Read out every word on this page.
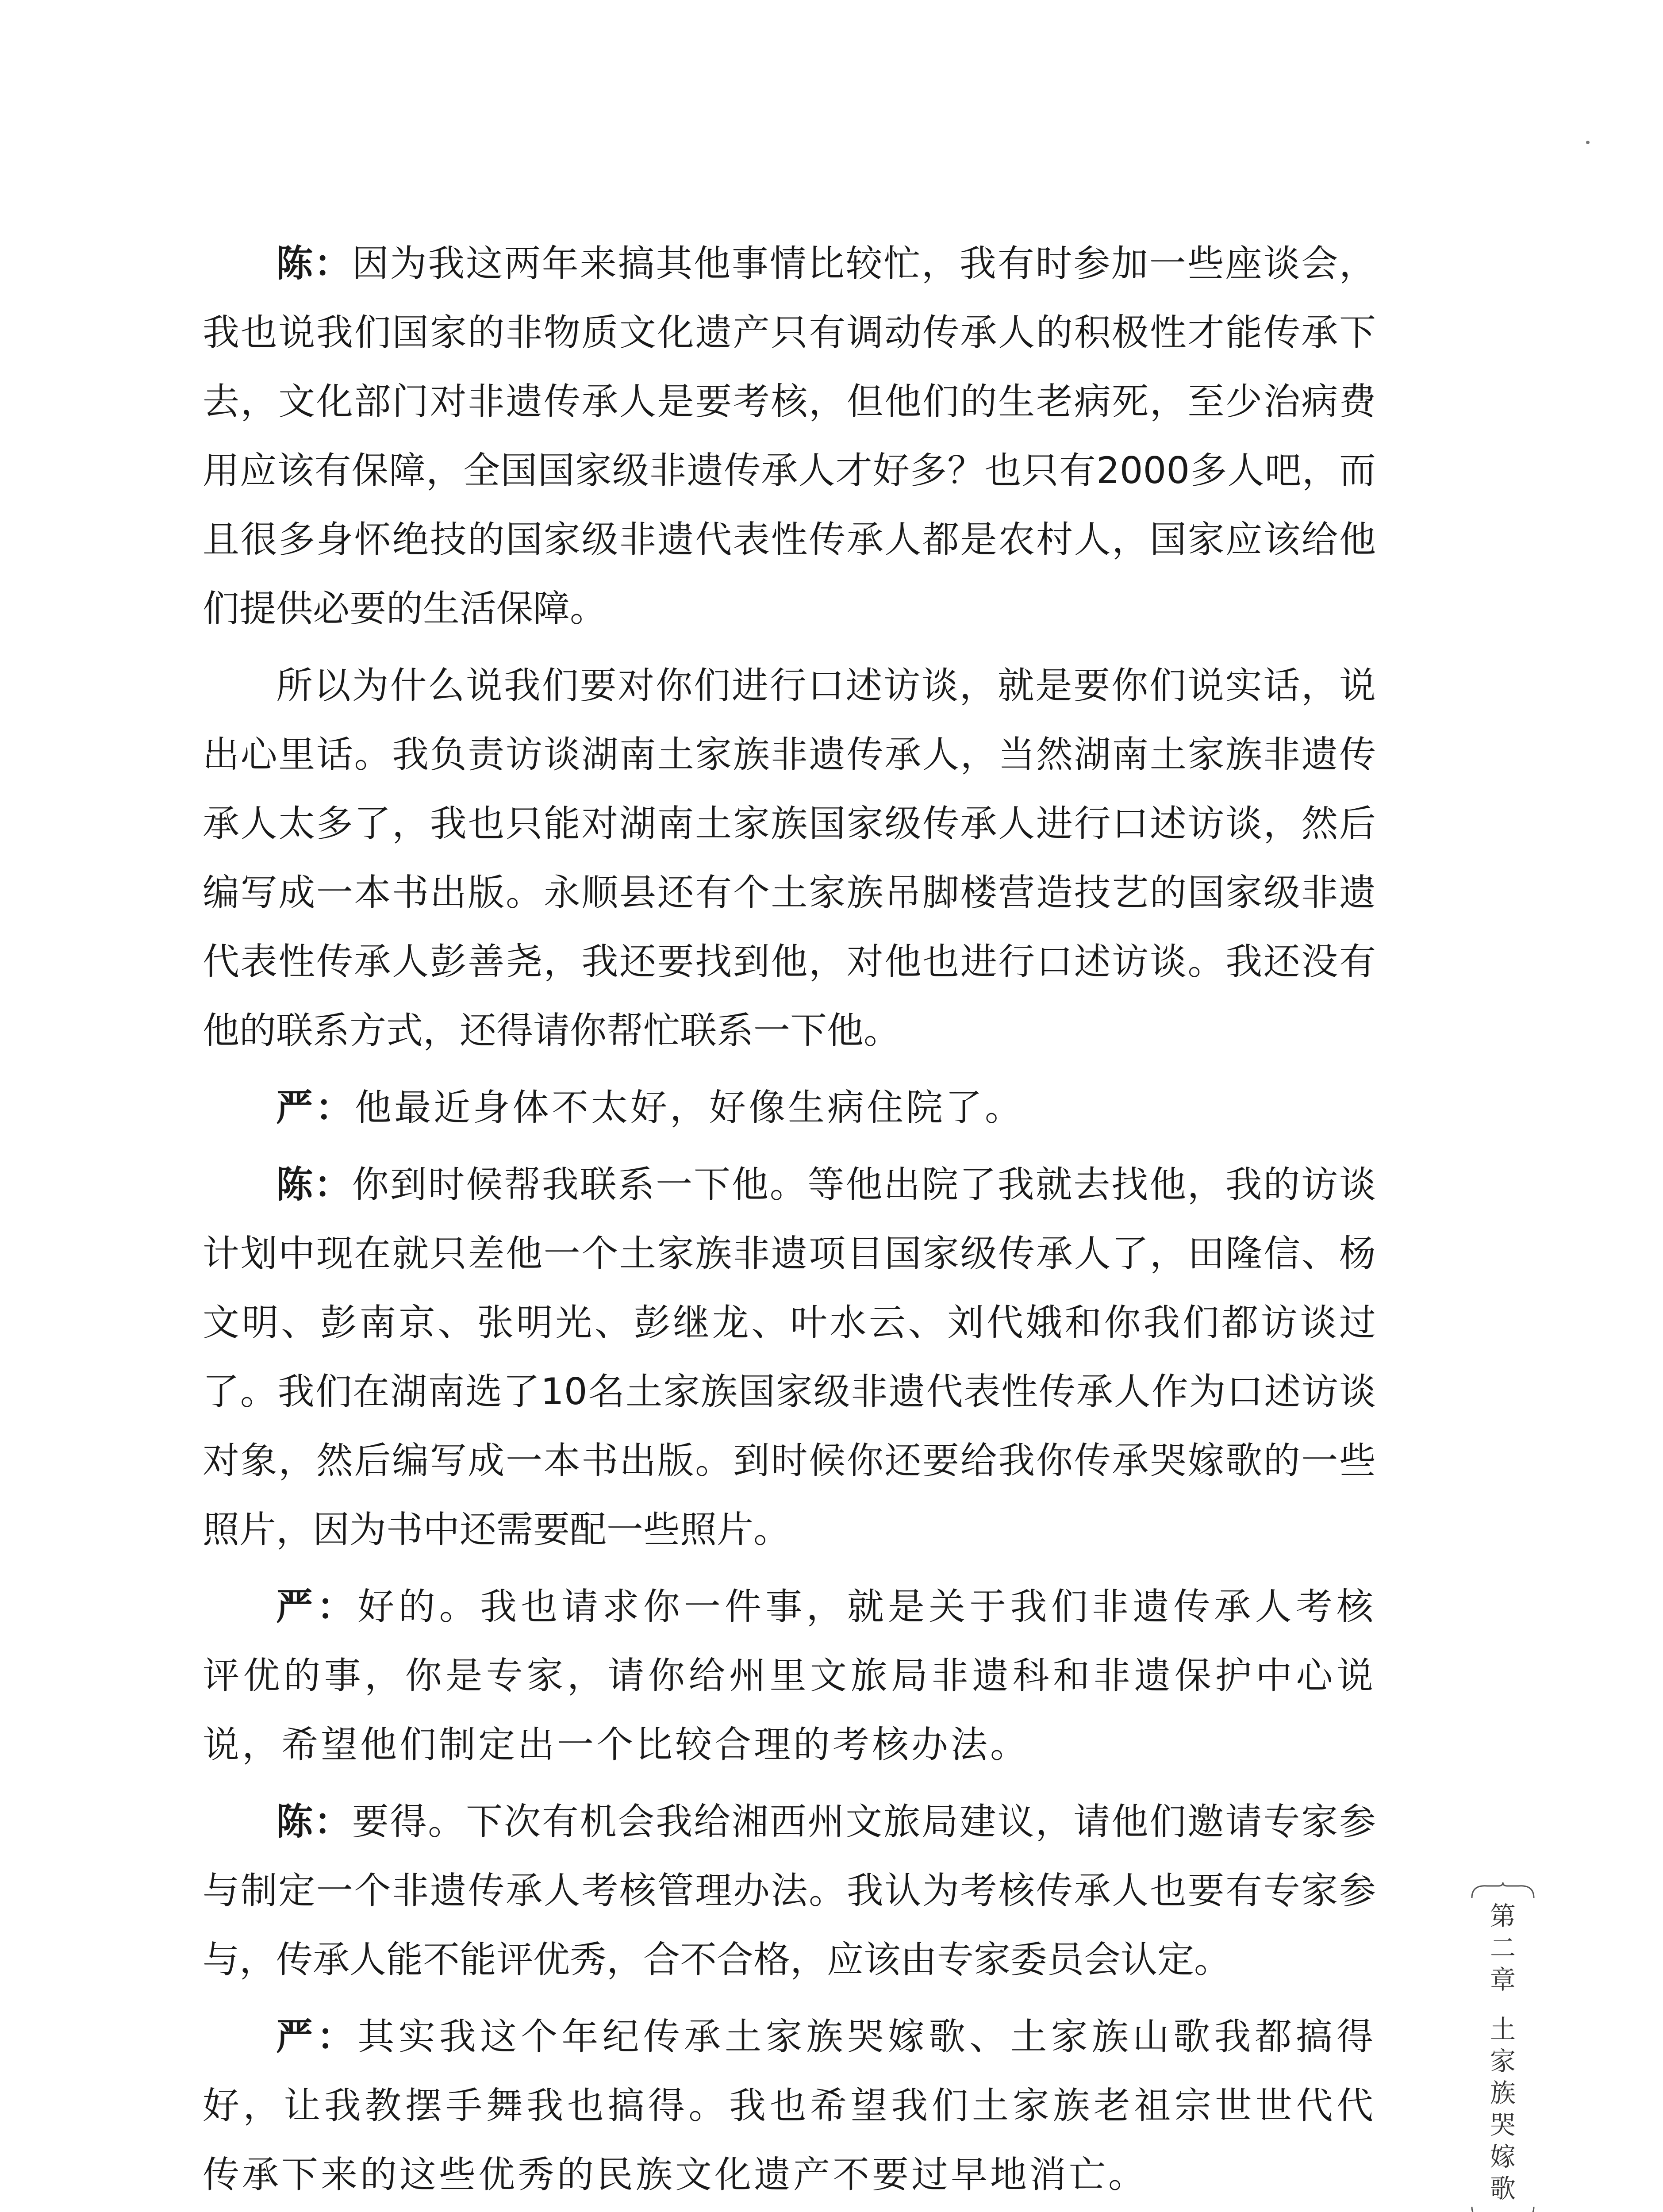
陈：因为我这两年来搞其他事情比较忙，我有时参加一些座谈会，我也说我们国家的非物质文化遗产只有调动传承人的积极性才能传承下去，文化部门对非遗传承人是要考核，但他们的生老病死，至少治病费用应该有保障，全国国家级非遗传承人才好多？也只有2000多人吧，而且很多身怀绝技的国家级非遗代表性传承人都是农村人，国家应该给他们提供必要的生活保障。

所以为什么说我们要对你们进行口述访谈，就是要你们说实话，说出心里话。我负责访谈湖南土家族非遗传承人，当然湖南土家族非遗传承人太多了，我也只能对湖南土家族国家级传承人进行口述访谈，然后编写成一本书出版。永顺县还有个土家族吊脚楼营造技艺的国家级非遗代表性传承人彭善尧，我还要找到他，对他也进行口述访谈。我还没有他的联系方式，还得请你帮忙联系一下他。

严：他最近身体不太好，好像生病住院了。

陈：你到时候帮我联系一下他。等他出院了我就去找他，我的访谈计划中现在就只差他一个土家族非遗项目国家级传承人了，田隆信、杨文明、彭南京、张明光、彭继龙、叶水云、刘代娥和你我们都访谈过了。我们在湖南选了10名土家族国家级非遗代表性传承人作为口述访谈对象，然后编写成一本书出版。到时候你还要给我你传承哭嫁歌的一些照片，因为书中还需要配一些照片。

严：好的。我也请求你一件事，就是关于我们非遗传承人考核评优的事，你是专家，请你给州里文旅局非遗科和非遗保护中心说说，希望他们制定出一个比较合理的考核办法。

陈：要得。下次有机会我给湘西州文旅局建议，请他们邀请专家参与制定一个非遗传承人考核管理办法。我认为考核传承人也要有专家参与，传承人能不能评优秀，合不合格，应该由专家委员会认定。

严：其实我这个年纪传承土家族哭嫁歌、土家族山歌我都搞得好，让我教摆手舞我也搞得。我也希望我们土家族老祖宗世世代代传承下来的这些优秀的民族文化遗产不要过早地消亡。

第
二
章
土
家
族
哭
嫁
歌
